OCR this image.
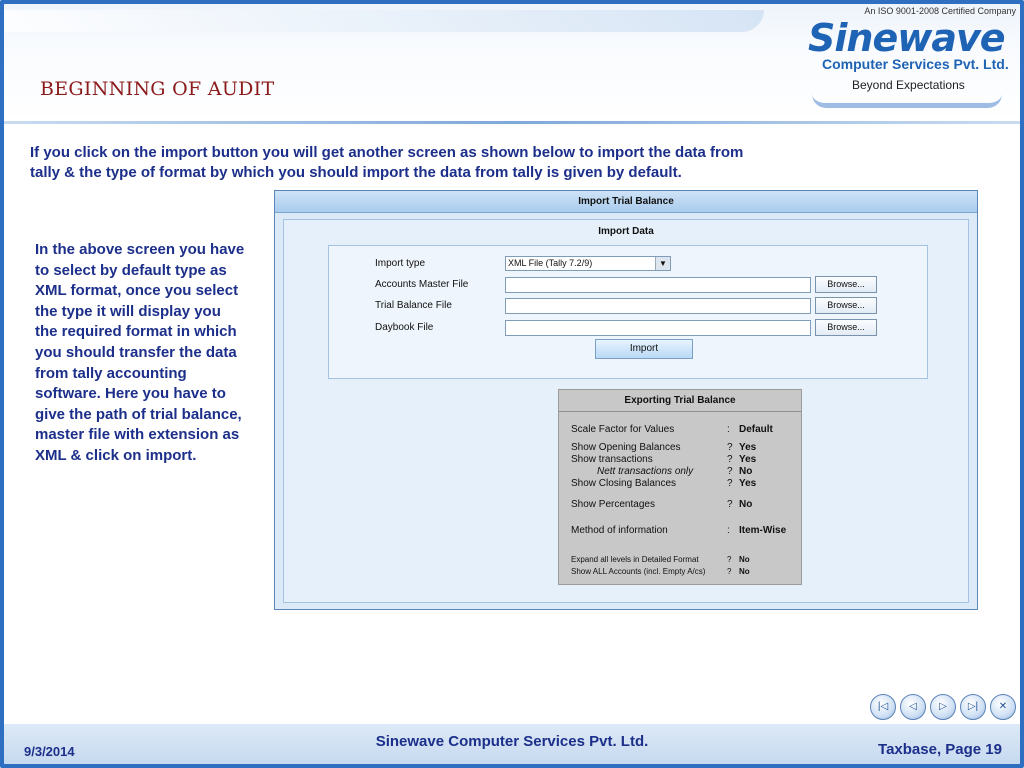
BEGINNING OF AUDIT
An ISO 9001-2008 Certified Company
Sinewave
Computer Services Pvt. Ltd.
Beyond Expectations
If you click on the import button you will get another screen as shown below to import the data from tally & the type of format by which you should import the data from tally is given by default.
In the above screen you have to select by default type as XML format, once you select the type it will display you the required format in which you should transfer the data from tally accounting software. Here you have to give the path of trial balance, master file with extension as XML & click on import.
Import Trial Balance
Import Data
Import type	XML File (Tally 7.2/9)	▼
Accounts Master File	Browse...
Trial Balance File	Browse...
Daybook File	Browse...
Import
Exporting Trial Balance
Scale Factor for Values	: Default
Show Opening Balances	? Yes
Show transactions	? Yes
Nett transactions only	? No
Show Closing Balances	? Yes
Show Percentages	? No
Method of information	: Item-Wise
Expand all levels in Detailed Format	? No
Show ALL Accounts (incl. Empty A/cs)	? No
|◁	◁	▷	▷|	✕
9/3/2014
Sinewave Computer Services Pvt. Ltd.	Taxbase, Page 19
